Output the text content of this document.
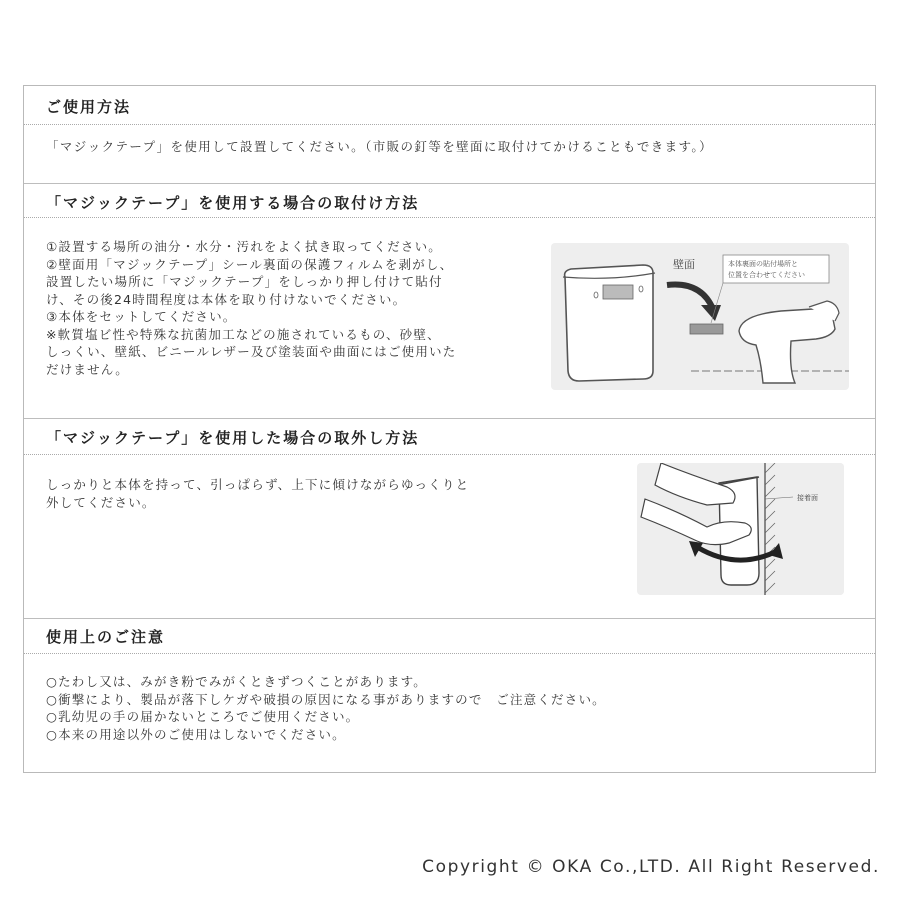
ご使用方法
「マジックテープ」を使用して設置してください。（市販の釘等を壁面に取付けてかけることもできます。）
「マジックテープ」を使用する場合の取付け方法
①設置する場所の油分・水分・汚れをよく拭き取ってください。
②壁面用「マジックテープ」シール裏面の保護フィルムを剥がし、
設置したい場所に「マジックテープ」をしっかり押し付けて貼付
け、その後24時間程度は本体を取り付けないでください。
③本体をセットしてください。
※軟質塩ビ性や特殊な抗菌加工などの施されているもの、砂壁、
しっくい、壁紙、ビニールレザー及び塗装面や曲面にはご使用いた
だけません。
本体裏面の貼付場所と
位置を合わせてください
壁面
「マジックテープ」を使用した場合の取外し方法
しっかりと本体を持って、引っぱらず、上下に傾けながらゆっくりと
外してください。	接着面
使用上のご注意
○たわし又は、みがき粉でみがくときずつくことがあります。
○衝撃により、製品が落下しケガや破損の原因になる事がありますので　ご注意ください。
○乳幼児の手の届かないところでご使用ください。
○本来の用途以外のご使用はしないでください。
Copyright © OKA Co.,LTD. All Right Reserved.
